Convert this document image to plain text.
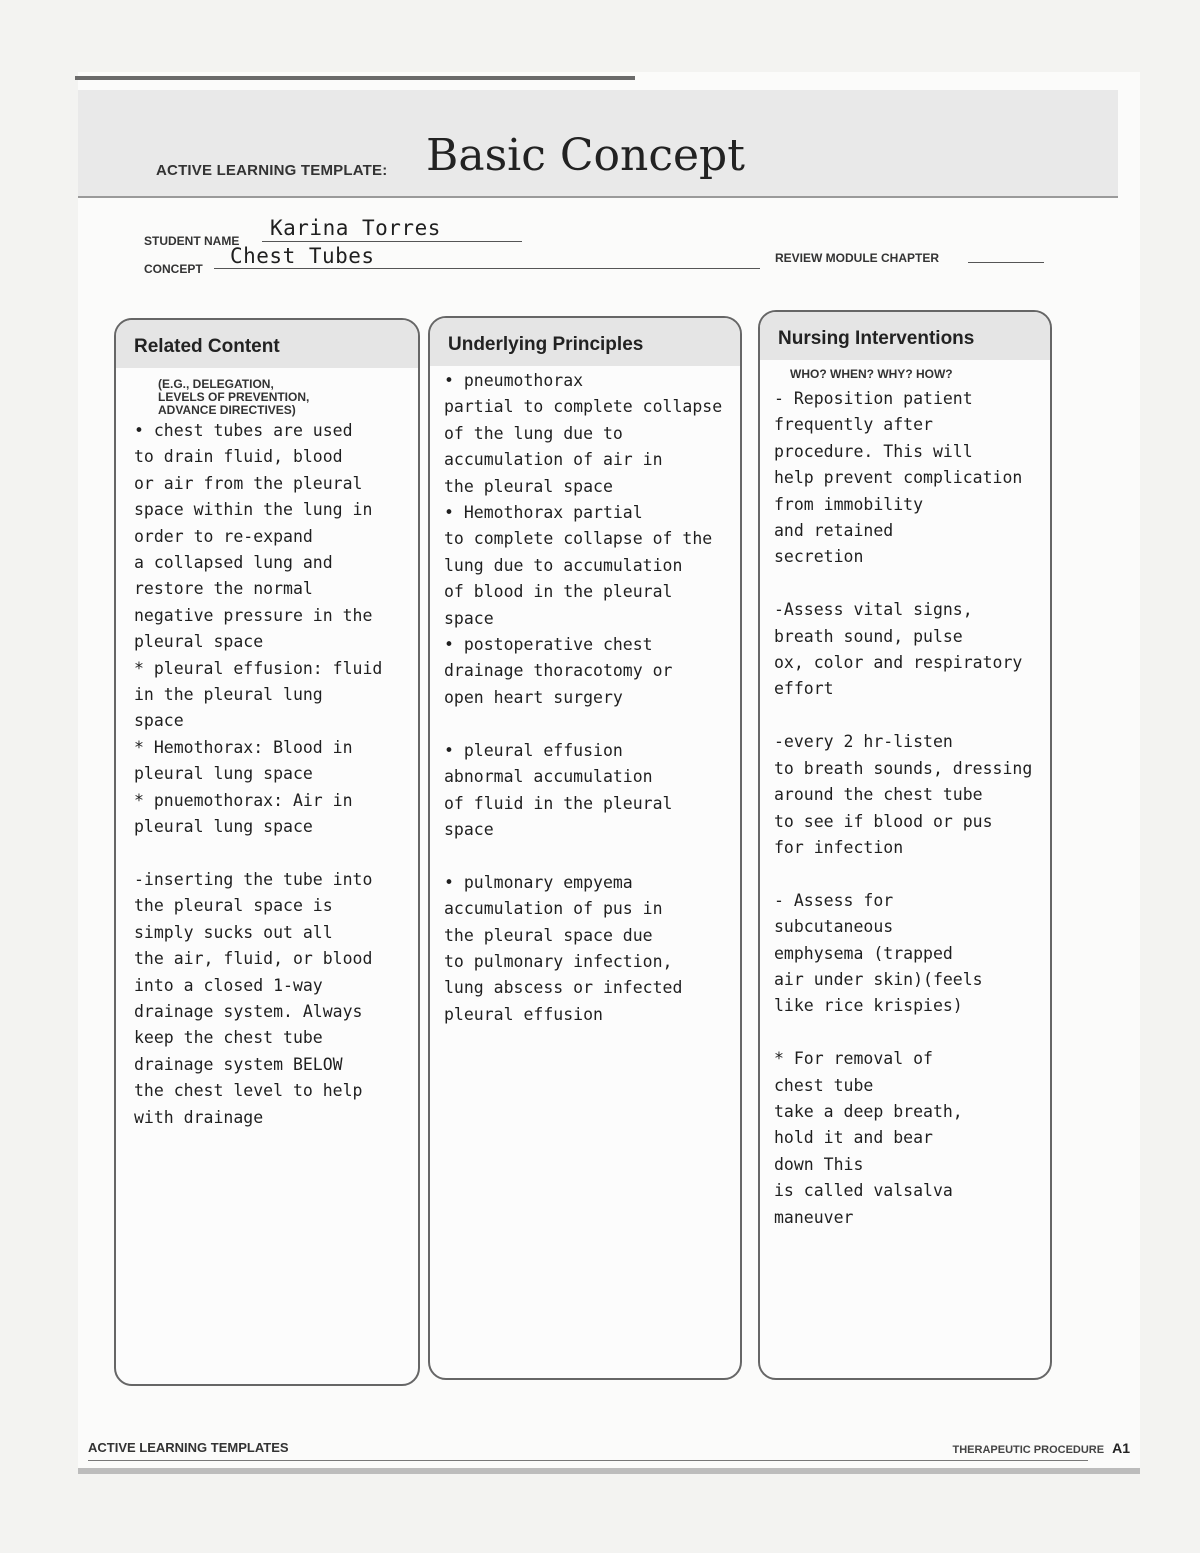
ACTIVE LEARNING TEMPLATE: Basic Concept
STUDENT NAME
Karina Torres
CONCEPT
Chest Tubes	REVIEW MODULE CHAPTER
Related Content
(E.G., DELEGATION,
LEVELS OF PREVENTION,
ADVANCE DIRECTIVES)
• chest tubes are used
to drain fluid, blood
or air from the pleural
space within the lung in
order to re-expand
a collapsed lung and
restore the normal
negative pressure in the
pleural space
* pleural effusion: fluid
in the pleural lung
space
* Hemothorax: Blood in
pleural lung space
* pnuemothorax: Air in
pleural lung space

-inserting the tube into
the pleural space is
simply sucks out all
the air, fluid, or blood
into a closed 1-way
drainage system. Always
keep the chest tube
drainage system BELOW
the chest level to help
with drainage
Underlying Principles
• pneumothorax
partial to complete collapse
of the lung due to
accumulation of air in
the pleural space
• Hemothorax partial
to complete collapse of the
lung due to accumulation
of blood in the pleural
space
• postoperative chest
drainage thoracotomy or
open heart surgery

• pleural effusion
abnormal accumulation
of fluid in the pleural
space

• pulmonary empyema
accumulation of pus in
the pleural space due
to pulmonary infection,
lung abscess or infected
pleural effusion
Nursing Interventions
WHO? WHEN? WHY? HOW?
- Reposition patient
frequently after
procedure. This will
help prevent complication
from immobility
and retained
secretion

-Assess vital signs,
breath sound, pulse
ox, color and respiratory
effort

-every 2 hr-listen
to breath sounds, dressing
around the chest tube
to see if blood or pus
for infection

- Assess for
subcutaneous
emphysema (trapped
air under skin)(feels
like rice krispies)

* For removal of
chest tube
take a deep breath,
hold it and bear
down This
is called valsalva
maneuver
ACTIVE LEARNING TEMPLATES	THERAPEUTIC PROCEDURE A1
